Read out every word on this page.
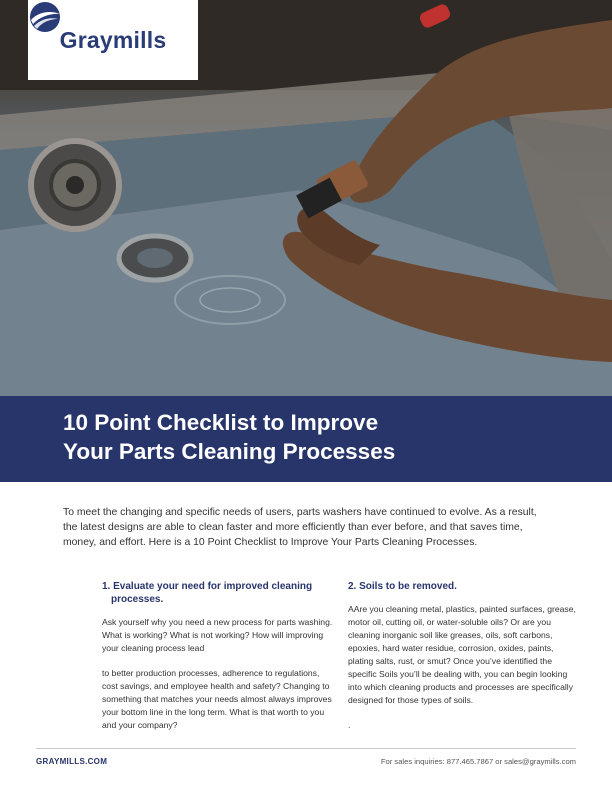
Graymills
10 Point Checklist to Improve
Your Parts Cleaning Processes
To meet the changing and specific needs of users, parts washers have continued to evolve. As a result, the latest designs are able to clean faster and more efficiently than ever before, and that saves time, money, and effort. Here is a 10 Point Checklist to Improve Your Parts Cleaning Processes.
1. Evaluate your need for improved cleaning processes.

Ask yourself why you need a new process for parts washing. What is working? What is not working? How will improving your cleaning process lead

to better production processes, adherence to regulations, cost savings, and employee health and safety? Changing to something that matches your needs almost always improves your bottom line in the long term. What is that worth to you and your company?

2. Soils to be removed.

AAre you cleaning metal, plastics, painted surfaces, grease, motor oil, cutting oil, or water-soluble oils? Or are you cleaning inorganic soil like greases, oils, soft carbons, epoxies, hard water residue, corrosion, oxides, paints, plating salts, rust, or smut? Once you’ve identified the specific Soils you’ll be dealing with, you can begin looking into which cleaning products and processes are specifically designed for those types of soils.

.

GRAYMILLS.COM	For sales inquiries: 877.465.7867 or sales@graymills.com
